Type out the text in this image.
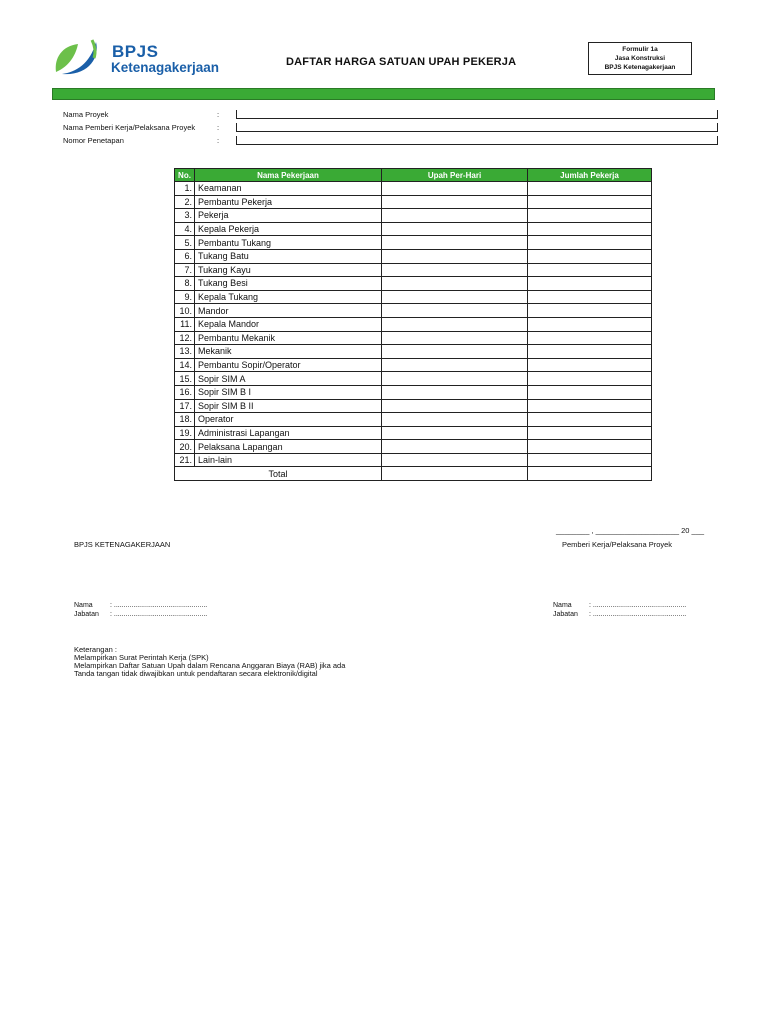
BPJS
Ketenagakerjaan	DAFTAR HARGA SATUAN UPAH PEKERJA
Formulir 1a
Jasa Konstruksi
BPJS Ketenagakerjaan
Nama Proyek	:
Nama Pemberi Kerja/Pelaksana Proyek	:
Nomor Penetapan	:
No.	Nama Pekerjaan	Upah Per-Hari	Jumlah Pekerja
1.	Keamanan		
2.	Pembantu Pekerja		
3.	Pekerja		
4.	Kepala Pekerja		
5.	Pembantu Tukang		
6.	Tukang Batu		
7.	Tukang Kayu		
8.	Tukang Besi		
9.	Kepala Tukang		
10.	Mandor		
11.	Kepala Mandor		
12.	Pembantu Mekanik		
13.	Mekanik		
14.	Pembantu Sopir/Operator		
15.	Sopir SIM A		
16.	Sopir SIM B I		
17.	Sopir SIM B II		
18.	Operator		
19.	Administrasi Lapangan		
20.	Pelaksana Lapangan		
21.	Lain-lain		
Total			
________ , ____________________ 20 ___
BPJS KETENAGAKERJAAN	Pemberi Kerja/Pelaksana Proyek
Nama : ................................................
Jabatan : ................................................
Nama : ................................................
Jabatan : ................................................
Keterangan :
Melampirkan Surat Perintah Kerja (SPK)
Melampirkan Daftar Satuan Upah dalam Rencana Anggaran Biaya (RAB) jika ada
Tanda tangan tidak diwajibkan untuk pendaftaran secara elektronik/digital
